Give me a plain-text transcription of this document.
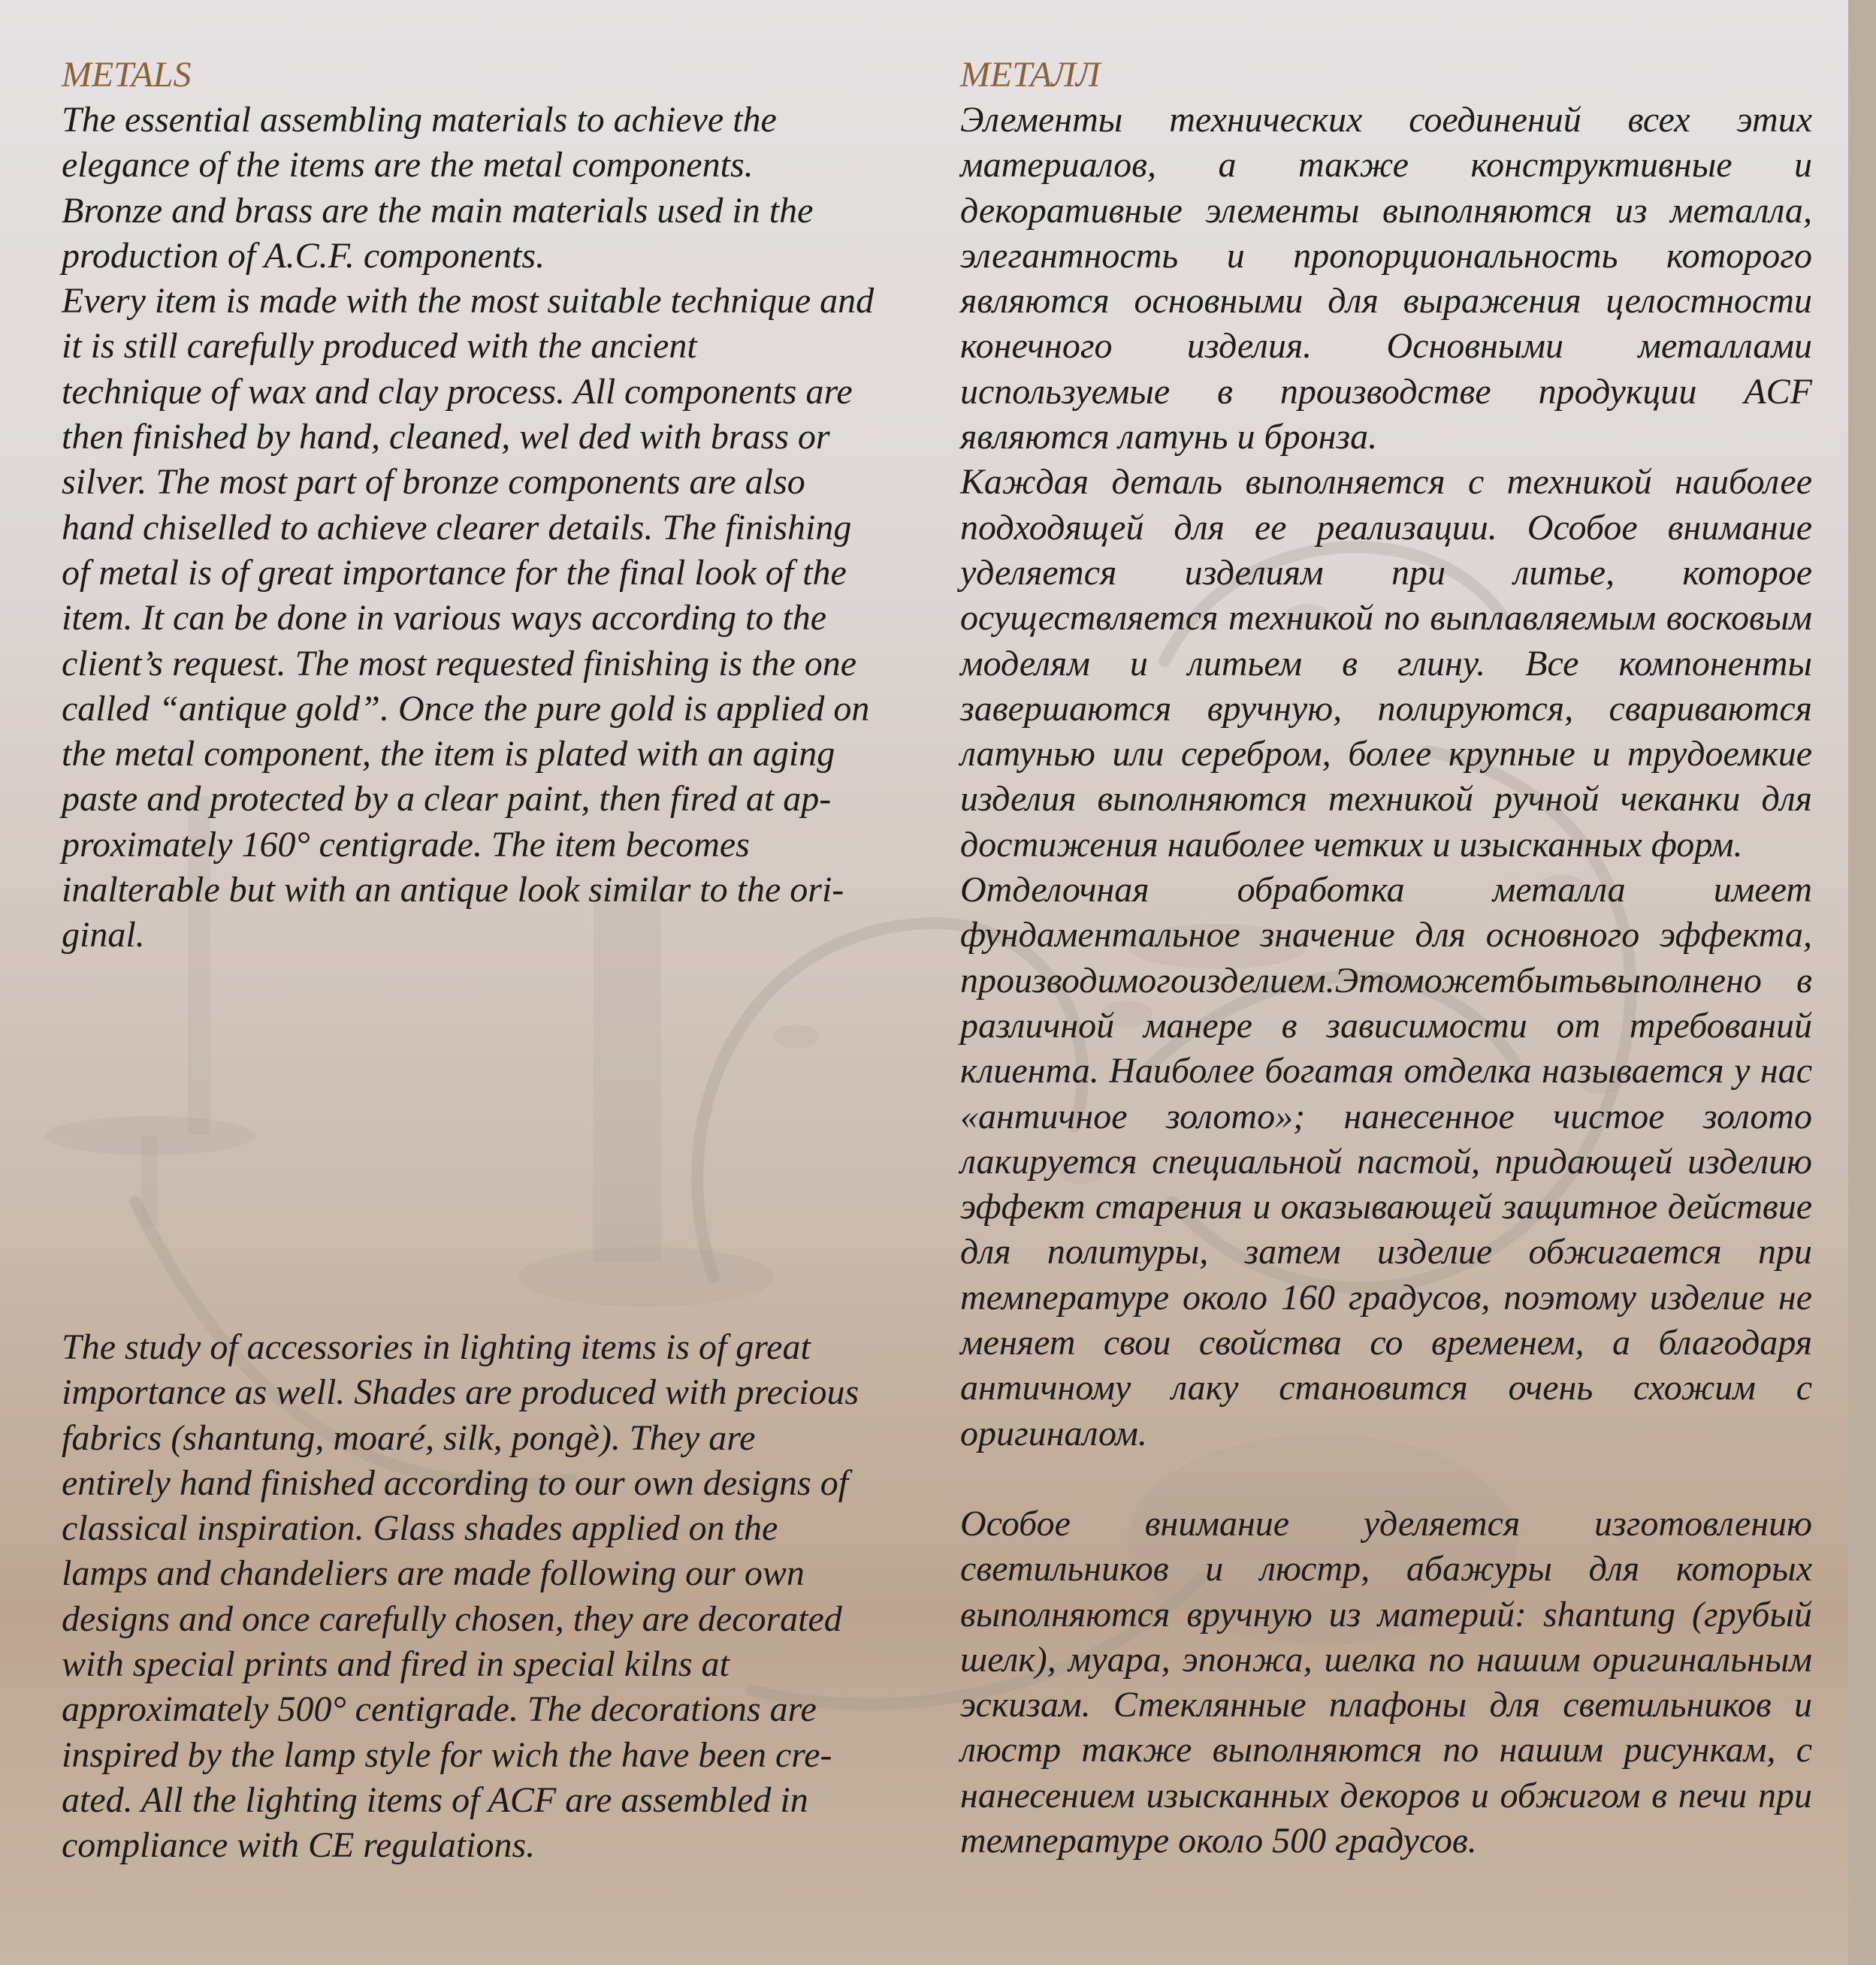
METALS

The essential assembling materials to achieve the
elegance of the items are the metal components.
Bronze and brass are the main materials used in the
production of A.C.F. components.
Every item is made with the most suitable technique and
it is still carefully produced with the ancient
technique of wax and clay process. All components are
then finished by hand, cleaned, wel ded with brass or
silver. The most part of bronze components are also
hand chiselled to achieve clearer details. The finishing
of metal is of great importance for the final look of the
item. It can be done in various ways according to the
client’s request. The most requested finishing is the one
called “antique gold”. Once the pure gold is applied on
the metal component, the item is plated with an aging
paste and protected by a clear paint, then fired at ap-
proximately 160° centigrade. The item becomes
inalterable but with an antique look similar to the ori-
ginal.

The study of accessories in lighting items is of great
importance as well. Shades are produced with precious
fabrics (shantung, moaré, silk, pongè). They are
entirely hand finished according to our own designs of
classical inspiration. Glass shades applied on the
lamps and chandeliers are made following our own
designs and once carefully chosen, they are decorated
with special prints and fired in special kilns at
approximately 500° centigrade. The decorations are
inspired by the lamp style for wich the have been cre-
ated. All the lighting items of ACF are assembled in
compliance with CE regulations.

МЕТАЛЛ

Элементы технических соединений всех этих материалов, а также конструктивные и декоративные элементы выполняются из металла, элегантность и пропорциональность которого являются основными для выражения целостности конечного изделия. Основными металлами используемые в производстве продукции ACF являются латунь и бронза.

Каждая деталь выполняется с техникой наиболее подходящей для ее реализации. Особое внимание уделяется изделиям при литье, которое осуществляется техникой по выплавляемым восковым моделям и литьем в глину. Все компоненты завершаются вручную, полируются, свариваются латунью или серебром, более крупные и трудоемкие изделия выполняются техникой ручной чеканки для достижения наиболее четких и изысканных форм.

Отделочная обработка металла имеет фундаментальное значение для основного эффекта, производимогоизделием.Этоможетбытьвыполнено в различной манере в зависимости от требований клиента. Наиболее богатая отделка называется у нас «античное золото»; нанесенное чистое золото лакируется специальной пастой, придающей изделию эффект старения и оказывающей защитное действие для политуры, затем изделие обжигается при температуре около 160 градусов, поэтому изделие не меняет свои свойства со временем, а благодаря античному лаку становится очень схожим с оригиналом.

Особое внимание уделяется изготовлению светильников и люстр, абажуры для которых выполняются вручную из материй: shantung (грубый шелк), муара, эпонжа, шелка по нашим оригинальным эскизам. Стеклянные плафоны для светильников и люстр также выполняются по нашим рисункам, с нанесением изысканных декоров и обжигом в печи при температуре около 500 градусов.
